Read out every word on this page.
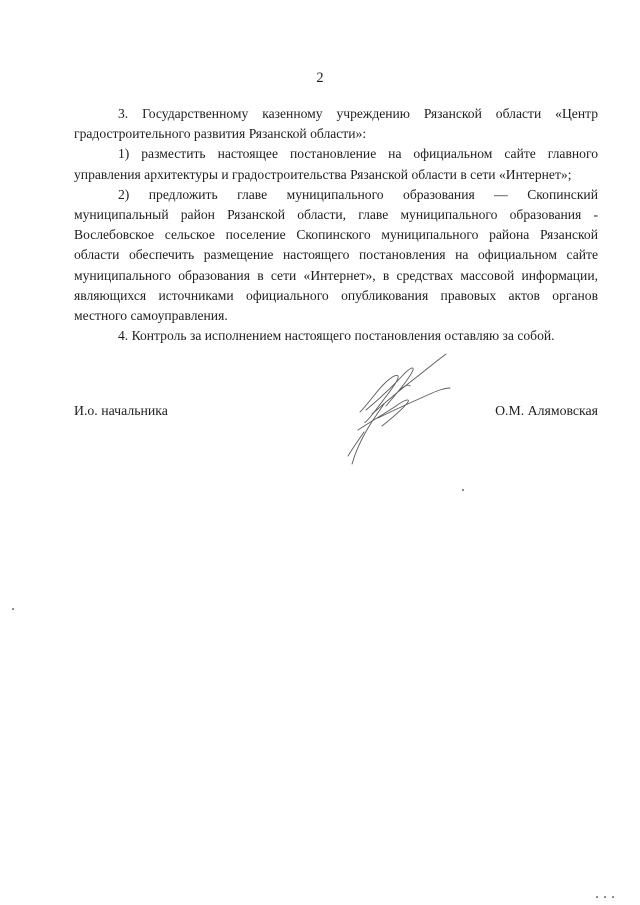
2

3. Государственному казенному учреждению Рязанской области «Центр градостроительного развития Рязанской области»:

1) разместить настоящее постановление на официальном сайте главного управления архитектуры и градостроительства Рязанской области в сети «Интернет»;

2) предложить главе муниципального образования — Скопинский муниципальный район Рязанской области, главе муниципального образования - Вослебовское сельское поселение Скопинского муниципального района Рязанской области обеспечить размещение настоящего постановления на официальном сайте муниципального образования в сети «Интернет», в средствах массовой информации, являющихся источниками официального опубликования правовых актов органов местного самоуправления.

4. Контроль за исполнением настоящего постановления оставляю за собой.

И.о. начальника	О.М. Алямовская
